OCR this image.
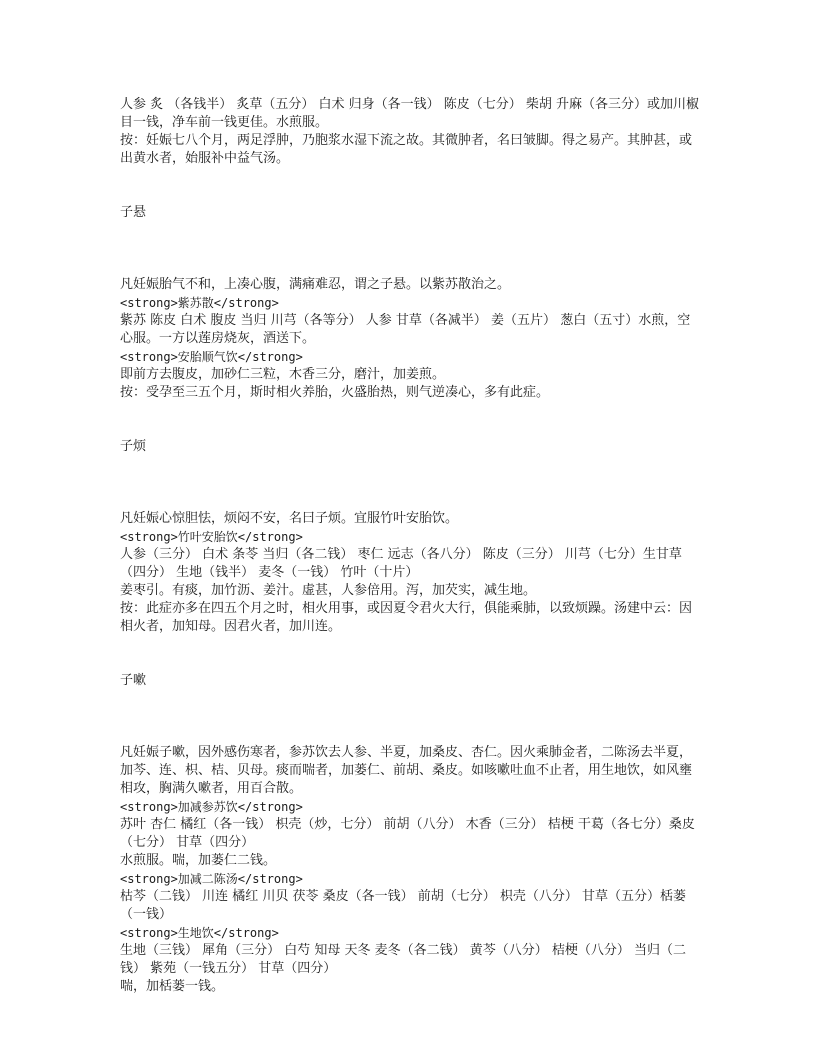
人参 炙 （各钱半） 炙草（五分） 白术 归身（各一钱） 陈皮（七分） 柴胡 升麻（各三分）或加川椒目一钱，净车前一钱更佳。水煎服。

按：妊娠七八个月，两足浮肿，乃胞浆水湿下流之故。其微肿者，名曰皱脚。得之易产。其肿甚，或出黄水者，始服补中益气汤。

子悬

凡妊娠胎气不和，上凑心腹，满痛难忍，谓之子悬。以紫苏散治之。

<strong>紫苏散</strong>

紫苏 陈皮 白术 腹皮 当归 川芎（各等分） 人参 甘草（各减半） 姜（五片） 葱白（五寸）水煎，空心服。一方以莲房烧灰，酒送下。

<strong>安胎顺气饮</strong>

即前方去腹皮，加砂仁三粒，木香三分，磨汁，加姜煎。

按：受孕至三五个月，斯时相火养胎，火盛胎热，则气逆凑心，多有此症。

子烦

凡妊娠心惊胆怯，烦闷不安，名曰子烦。宜服竹叶安胎饮。

<strong>竹叶安胎饮</strong>

人参（三分） 白术 条苓 当归（各二钱） 枣仁 远志（各八分） 陈皮（三分） 川芎（七分）生甘草（四分） 生地（钱半） 麦冬（一钱） 竹叶（十片）

姜枣引。有痰，加竹沥、姜汁。虚甚，人参倍用。泻，加芡实，减生地。

按：此症亦多在四五个月之时，相火用事，或因夏令君火大行，俱能乘肺，以致烦躁。汤建中云：因相火者，加知母。因君火者，加川连。

子嗽

凡妊娠子嗽，因外感伤寒者，参苏饮去人参、半夏，加桑皮、杏仁。因火乘肺金者，二陈汤去半夏，加芩、连、枳、桔、贝母。痰而喘者，加蒌仁、前胡、桑皮。如咳嗽吐血不止者，用生地饮，如风壅相攻，胸满久嗽者，用百合散。

<strong>加减参苏饮</strong>

苏叶 杏仁 橘红（各一钱） 枳壳（炒，七分） 前胡（八分） 木香（三分） 桔梗 干葛（各七分）桑皮（七分） 甘草（四分）

水煎服。喘，加蒌仁二钱。

<strong>加减二陈汤</strong>

枯芩（二钱） 川连 橘红 川贝 茯苓 桑皮（各一钱） 前胡（七分） 枳壳（八分） 甘草（五分）栝蒌（一钱）

<strong>生地饮</strong>

生地（三钱） 犀角（三分） 白芍 知母 天冬 麦冬（各二钱） 黄芩（八分） 桔梗（八分） 当归（二钱） 紫苑（一钱五分） 甘草（四分）

喘，加栝蒌一钱。
